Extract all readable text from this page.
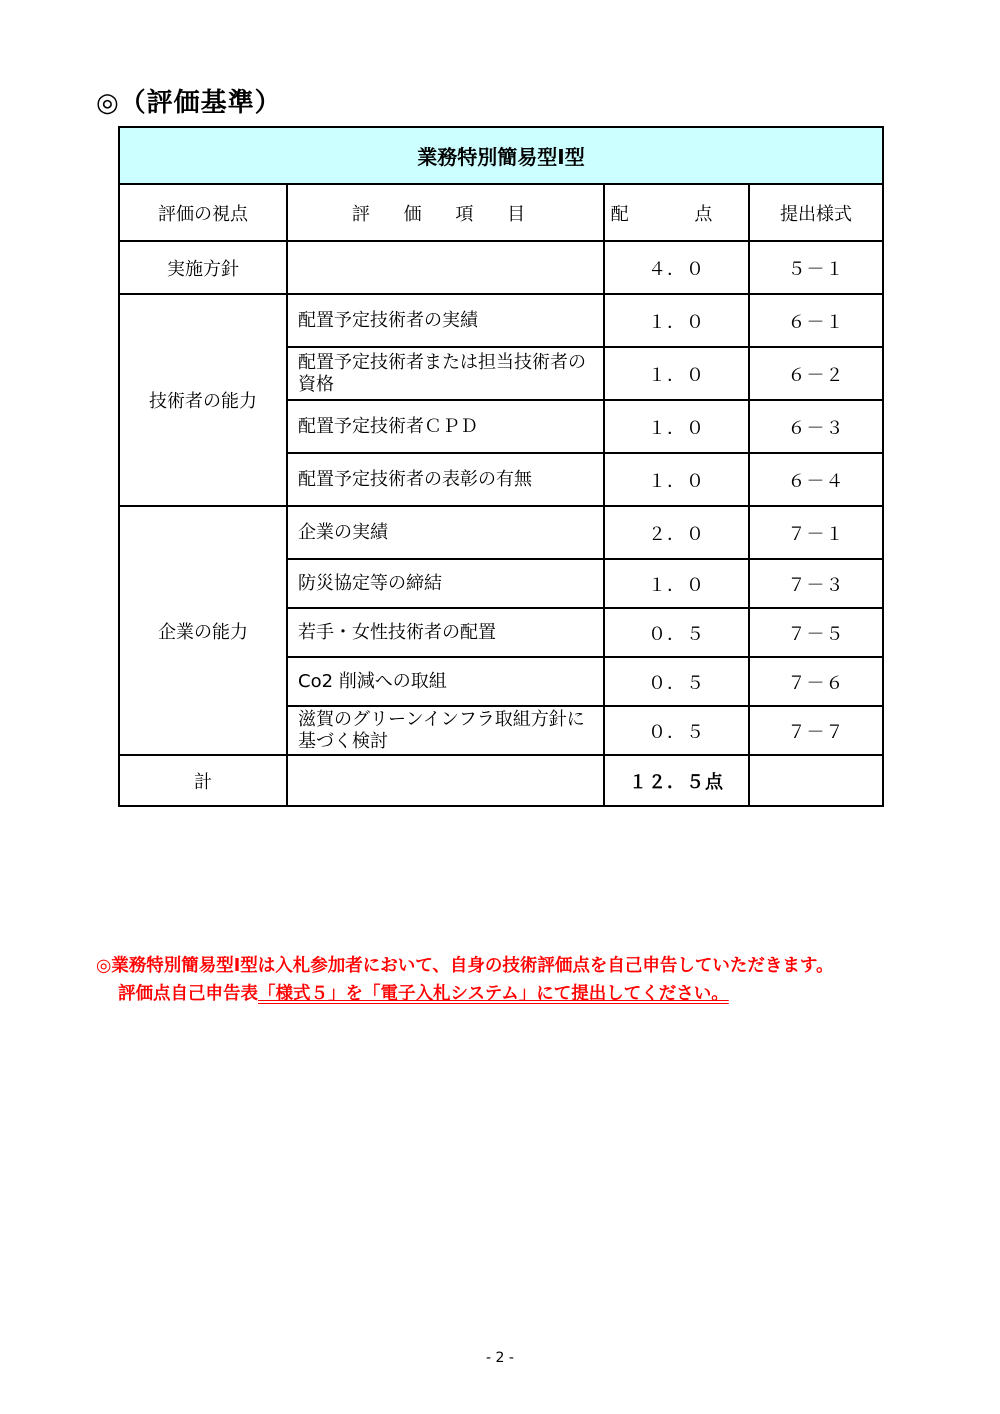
◎（評価基準）
業務特別簡易型Ⅰ型			
評価の視点	評 価 項 目	配 点	提出様式
実施方針		４．０	５－１
技術者の能力	配置予定技術者の実績	１．０	６－１
	配置予定技術者または担当技術者の資格	１．０	６－２
	配置予定技術者ＣＰＤ	１．０	６－３
	配置予定技術者の表彰の有無	１．０	６－４
企業の能力	企業の実績	２．０	７－１
	防災協定等の締結	１．０	７－３
	若手・女性技術者の配置	０．５	７－５
	Co2 削減への取組	０．５	７－６
	滋賀のグリーンインフラ取組方針に基づく検討	０．５	７－７
計		１２．５点	
◎業務特別簡易型Ⅰ型は入札参加者において、自身の技術評価点を自己申告していただきます。
評価点自己申告表「様式５」を「電子入札システム」にて提出してください。
- 2 -
